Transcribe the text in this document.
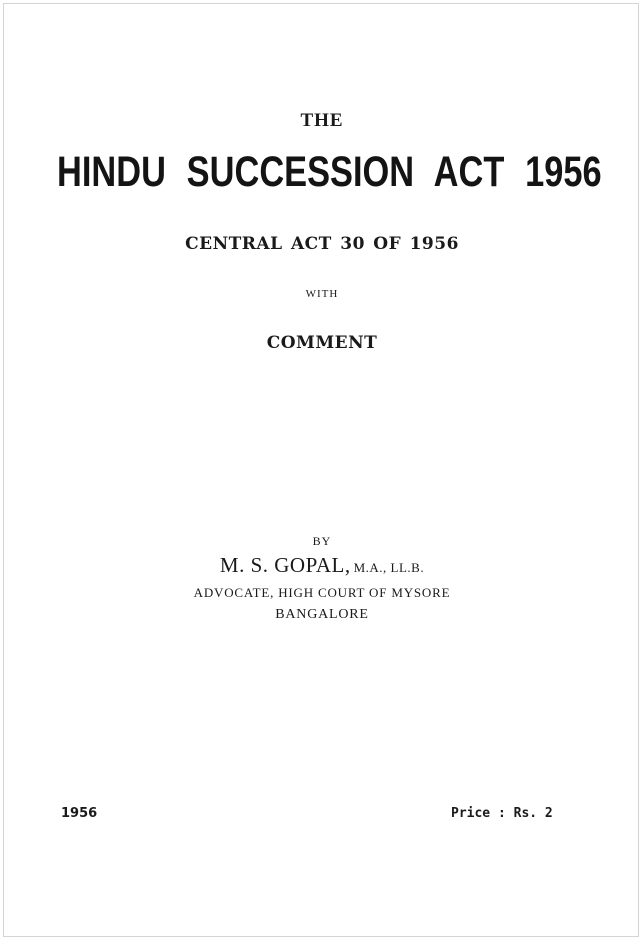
THE
HINDU SUCCESSION ACT 1956
CENTRAL ACT 30 OF 1956
WITH
COMMENT
BY
M. S. GOPAL, M.A., LL.B.
ADVOCATE, HIGH COURT OF MYSORE
BANGALORE
1956	Price : Rs. 2
